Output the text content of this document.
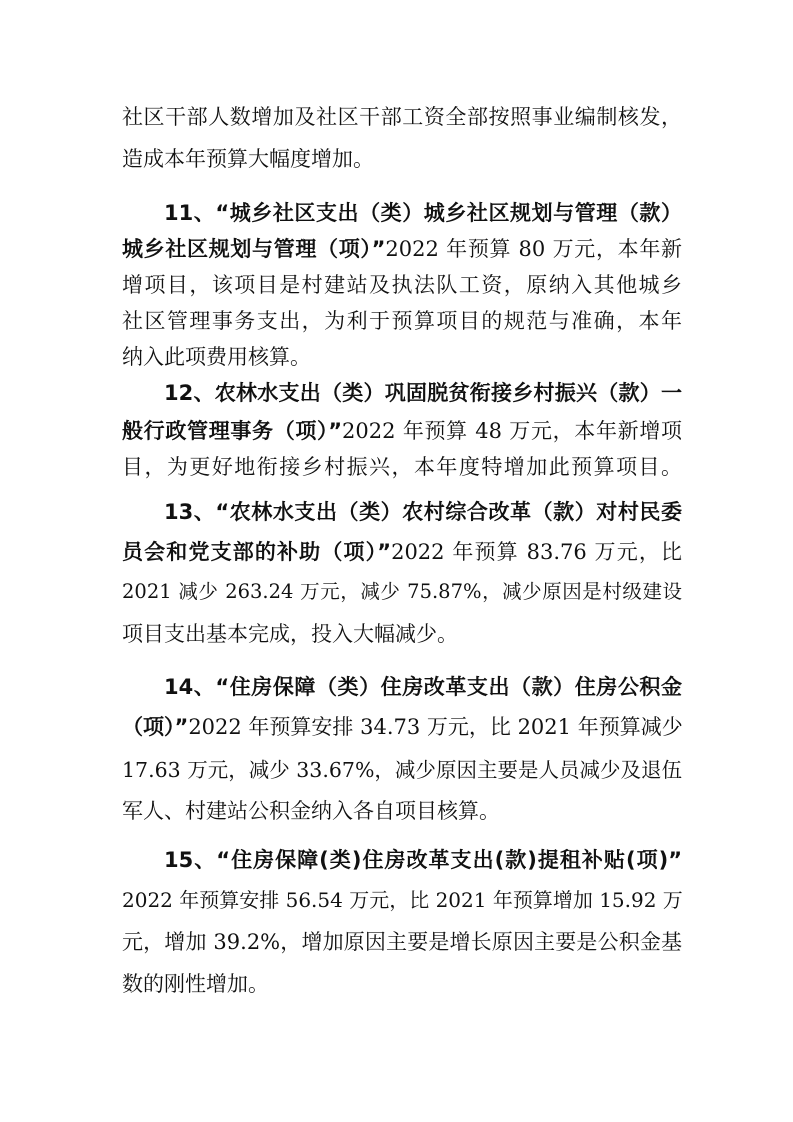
社区干部人数增加及社区干部工资全部按照事业编制核发，
造成本年预算大幅度增加。
11、“城乡社区支出（类）城乡社区规划与管理（款）
城乡社区规划与管理（项）”2022 年预算 80 万元，本年新
增项目，该项目是村建站及执法队工资，原纳入其他城乡
社区管理事务支出，为利于预算项目的规范与准确，本年
纳入此项费用核算。
12、农林水支出（类）巩固脱贫衔接乡村振兴（款）一
般行政管理事务（项）”2022 年预算 48 万元，本年新增项
目，为更好地衔接乡村振兴，本年度特增加此预算项目。
13、“农林水支出（类）农村综合改革（款）对村民委
员会和党支部的补助（项）”2022 年预算 83.76 万元，比
2021 减少 263.24 万元，减少 75.87%，减少原因是村级建设
项目支出基本完成，投入大幅减少。
14、“住房保障（类）住房改革支出（款）住房公积金
（项）”2022 年预算安排 34.73 万元，比 2021 年预算减少
17.63 万元，减少 33.67%，减少原因主要是人员减少及退伍
军人、村建站公积金纳入各自项目核算。
15、“住房保障(类)住房改革支出(款)提租补贴(项)”
2022 年预算安排 56.54 万元，比 2021 年预算增加 15.92 万
元，增加 39.2%，增加原因主要是增长原因主要是公积金基
数的刚性增加。
